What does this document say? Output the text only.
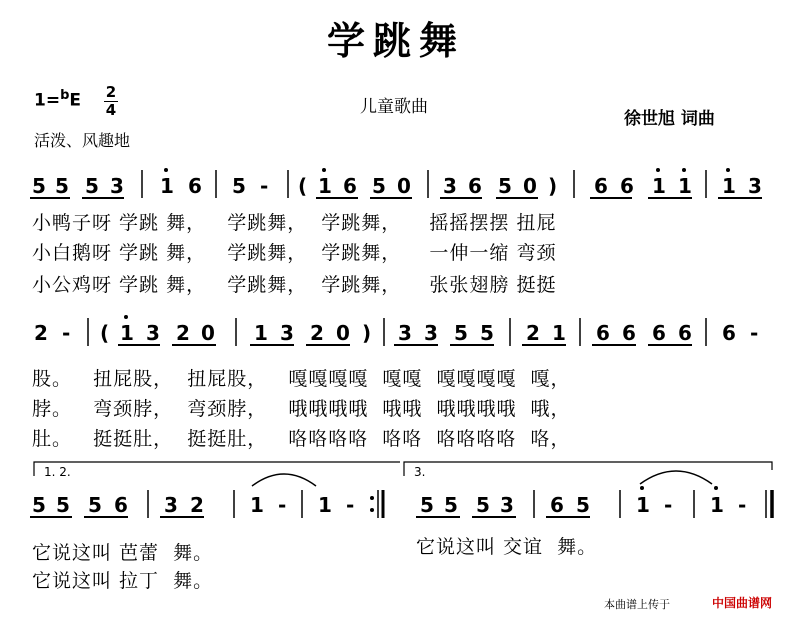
学跳舞
1=$^b$E 2
4	儿童歌曲
徐世旭 词曲
活泼、风趣地
5 5 5 3 1 6 5 - ( 1 6 5 0 3 6 5 0 ) 6 6 1 1 1 3
2 - ( 1 3 2 0 1 3 2 0 ) 3 3 5 5 2 1 6 6 6 6 6 -
1. 2.	3.
5 5 5 6 3 2 1 - 1 -	5 5 5 3 6 5 1 - 1 -
小鸭子呀 学跳 舞，   学跳舞，  学跳舞，    摇摇摆摆 扭屁
小白鹅呀 学跳 舞，   学跳舞，  学跳舞，    一伸一缩 弯颈
小公鸡呀 学跳 舞，   学跳舞，  学跳舞，    张张翅膀 挺挺
股。   扭屁股，  扭屁股，   嘎嘎嘎嘎  嘎嘎  嘎嘎嘎嘎  嘎，
脖。   弯颈脖，  弯颈脖，   哦哦哦哦  哦哦  哦哦哦哦  哦，
肚。   挺挺肚，  挺挺肚，   咯咯咯咯  咯咯  咯咯咯咯  咯，
它说这叫 芭蕾  舞。
它说这叫 拉丁  舞。
它说这叫 交谊  舞。
本曲谱上传于	中国曲谱网
